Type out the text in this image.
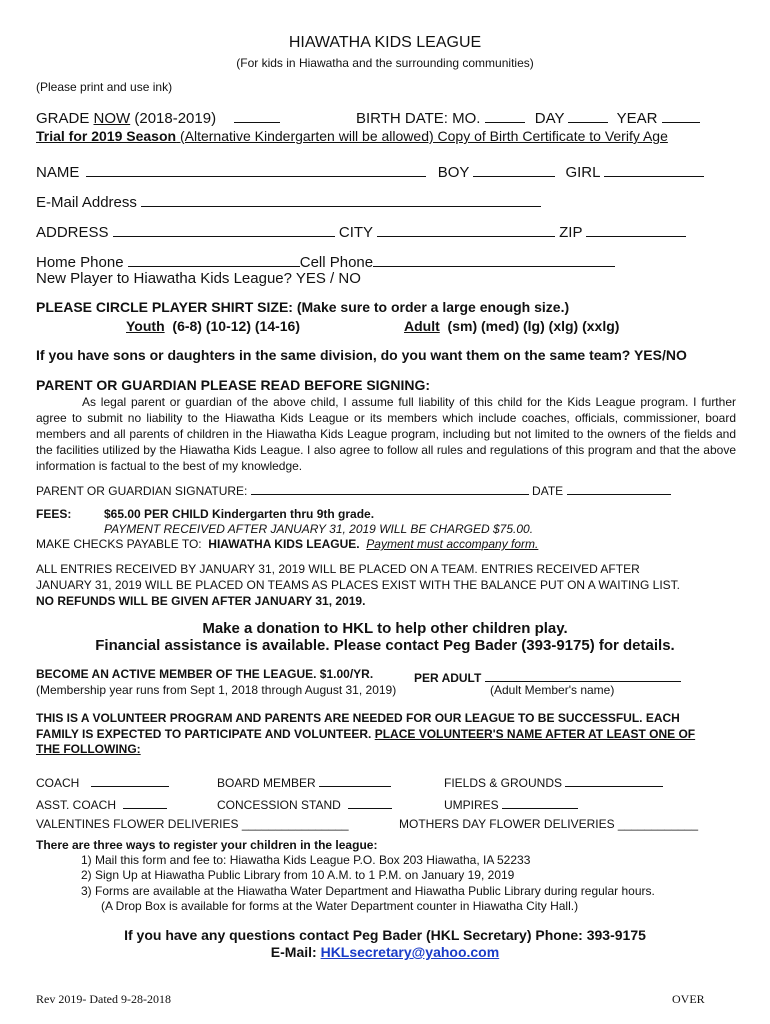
HIAWATHA KIDS LEAGUE
(For kids in Hiawatha and the surrounding communities)
(Please print and use ink)
GRADE NOW (2018-2019)	BIRTH DATE: MO.	DAY	YEAR
Trial for 2019 Season (Alternative Kindergarten will be allowed) Copy of Birth Certificate to Verify Age
NAME	BOY	GIRL
E-Mail Address
ADDRESS	CITY	ZIP
Home Phone	Cell Phone
New Player to Hiawatha Kids League? YES / NO
PLEASE CIRCLE PLAYER SHIRT SIZE: (Make sure to order a large enough size.)
Youth (6-8) (10-12) (14-16)	Adult (sm) (med) (lg) (xlg) (xxlg)
If you have sons or daughters in the same division, do you want them on the same team? YES/NO
PARENT OR GUARDIAN PLEASE READ BEFORE SIGNING:
As legal parent or guardian of the above child, I assume full liability of this child for the Kids League program. I further agree to submit no liability to the Hiawatha Kids League or its members which include coaches, officials, commissioner, board members and all parents of children in the Hiawatha Kids League program, including but not limited to the owners of the fields and the facilities utilized by the Hiawatha Kids League. I also agree to follow all rules and regulations of this program and that the above information is factual to the best of my knowledge.
PARENT OR GUARDIAN SIGNATURE:	DATE
FEES:	$65.00 PER CHILD Kindergarten thru 9th grade.
PAYMENT RECEIVED AFTER JANUARY 31, 2019 WILL BE CHARGED $75.00.
MAKE CHECKS PAYABLE TO: HIAWATHA KIDS LEAGUE. Payment must accompany form.
ALL ENTRIES RECEIVED BY JANUARY 31, 2019 WILL BE PLACED ON A TEAM. ENTRIES RECEIVED AFTER
JANUARY 31, 2019 WILL BE PLACED ON TEAMS AS PLACES EXIST WITH THE BALANCE PUT ON A WAITING LIST.
NO REFUNDS WILL BE GIVEN AFTER JANUARY 31, 2019.
Make a donation to HKL to help other children play.
Financial assistance is available. Please contact Peg Bader (393-9175) for details.
BECOME AN ACTIVE MEMBER OF THE LEAGUE. $1.00/YR.	PER ADULT
(Membership year runs from Sept 1, 2018 through August 31, 2019)	(Adult Member's name)
THIS IS A VOLUNTEER PROGRAM AND PARENTS ARE NEEDED FOR OUR LEAGUE TO BE SUCCESSFUL. EACH
FAMILY IS EXPECTED TO PARTICIPATE AND VOLUNTEER. PLACE VOLUNTEER'S NAME AFTER AT LEAST ONE OF
THE FOLLOWING:
COACH	BOARD MEMBER	FIELDS & GROUNDS
ASST. COACH	CONCESSION STAND	UMPIRES
VALENTINES FLOWER DELIVERIES ________________	MOTHERS DAY FLOWER DELIVERIES ____________
There are three ways to register your children in the league:
1) Mail this form and fee to: Hiawatha Kids League P.O. Box 203 Hiawatha, IA 52233
2) Sign Up at Hiawatha Public Library from 10 A.M. to 1 P.M. on January 19, 2019
3) Forms are available at the Hiawatha Water Department and Hiawatha Public Library during regular hours.
(A Drop Box is available for forms at the Water Department counter in Hiawatha City Hall.)
If you have any questions contact Peg Bader (HKL Secretary) Phone: 393-9175
E-Mail: HKLsecretary@yahoo.com
Rev 2019- Dated 9-28-2018	OVER
